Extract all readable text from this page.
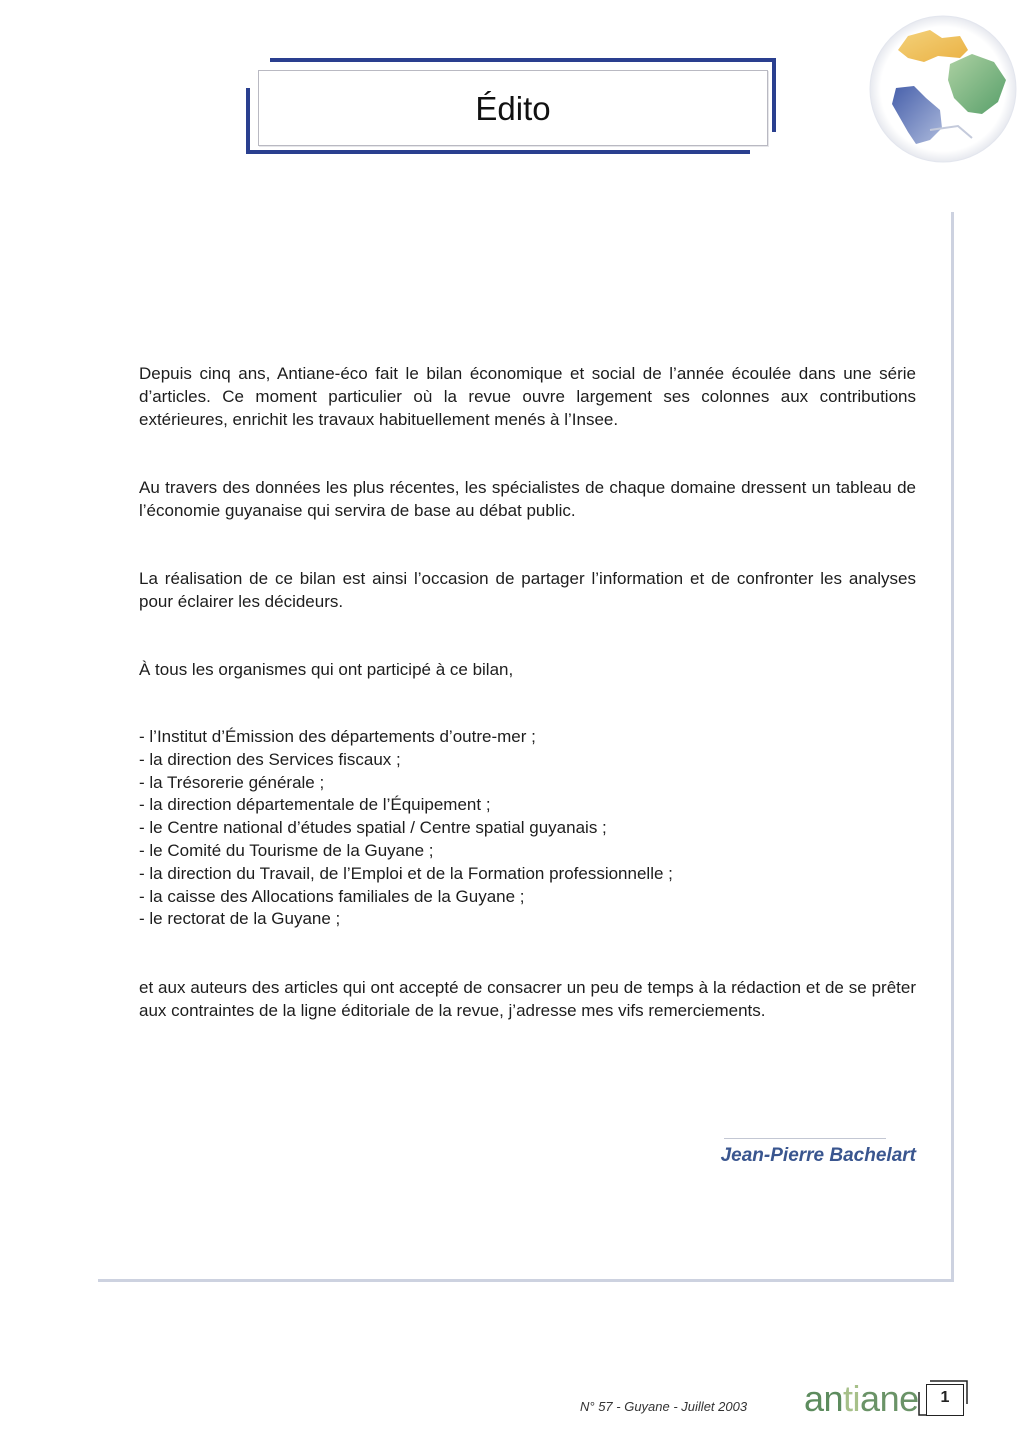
Édito

Depuis cinq ans, Antiane-éco fait le bilan économique et social de l’année écoulée dans une série d’articles. Ce moment particulier où la revue ouvre largement ses colonnes aux contributions extérieures, enrichit les travaux habituellement menés à l’Insee.

Au travers des données les plus récentes, les spécialistes de chaque domaine dressent un tableau de l’économie guyanaise qui servira de base au débat public.

La réalisation de ce bilan est ainsi l’occasion de partager l’information et de confronter les analyses pour éclairer les décideurs.

À tous les organismes qui ont participé à ce bilan,

- l’Institut d’Émission des départements d’outre-mer ;
- la direction des Services fiscaux ;
- la Trésorerie générale ;
- la direction départementale de l’Équipement ;
- le Centre national d’études spatial / Centre spatial guyanais ;
- le Comité du Tourisme de la Guyane ;
- la direction du Travail, de l’Emploi et de la Formation professionnelle ;
- la caisse des Allocations familiales de la Guyane ;
- le rectorat de la Guyane ;

et aux auteurs des articles qui ont accepté de consacrer un peu de temps à la rédaction et de se prêter aux contraintes de la ligne éditoriale de la revue, j’adresse mes vifs remerciements.

Jean-Pierre Bachelart
N° 57 - Guyane - Juillet 2003 antiane	1
